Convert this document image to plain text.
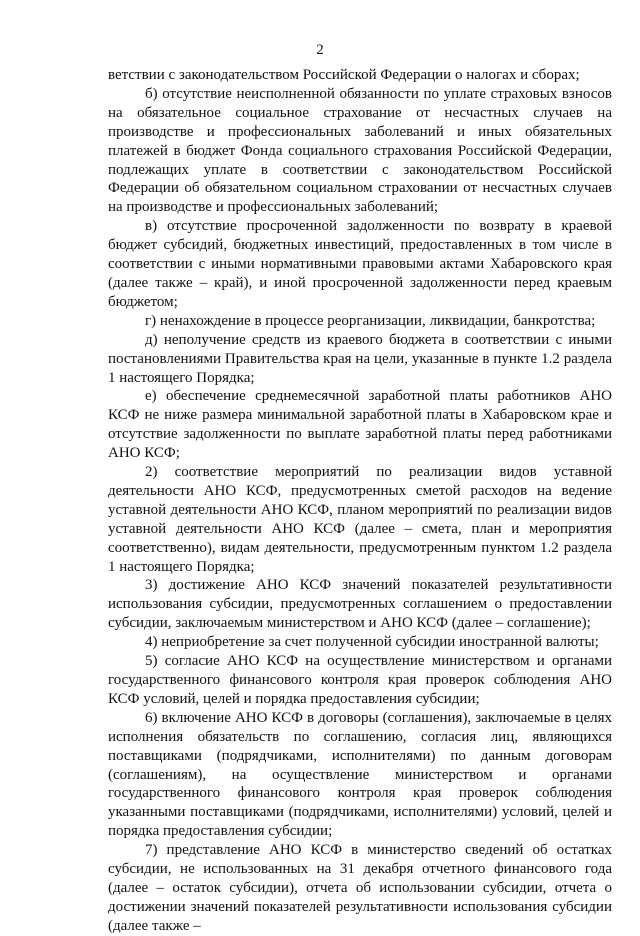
2

ветствии с законодательством Российской Федерации о налогах и сборах;

б) отсутствие неисполненной обязанности по уплате страховых взносов на обязательное социальное страхование от несчастных случаев на производстве и профессиональных заболеваний и иных обязательных платежей в бюджет Фонда социального страхования Российской Федерации, подлежащих уплате в соответствии с законодательством Российской Федерации об обязательном социальном страховании от несчастных случаев на производстве и профессиональных заболеваний;

в) отсутствие просроченной задолженности по возврату в краевой бюджет субсидий, бюджетных инвестиций, предоставленных в том числе в соответствии с иными нормативными правовыми актами Хабаровского края (далее также – край), и иной просроченной задолженности перед краевым бюджетом;

г) ненахождение в процессе реорганизации, ликвидации, банкротства;

д) неполучение средств из краевого бюджета в соответствии с иными постановлениями Правительства края на цели, указанные в пункте 1.2 раздела 1 настоящего Порядка;

е) обеспечение среднемесячной заработной платы работников АНО КСФ не ниже размера минимальной заработной платы в Хабаровском крае и отсутствие задолженности по выплате заработной платы перед работниками АНО КСФ;

2) соответствие мероприятий по реализации видов уставной деятельности АНО КСФ, предусмотренных сметой расходов на ведение уставной деятельности АНО КСФ, планом мероприятий по реализации видов уставной деятельности АНО КСФ (далее – смета, план и мероприятия соответственно), видам деятельности, предусмотренным пунктом 1.2 раздела 1 настоящего Порядка;

3) достижение АНО КСФ значений показателей результативности использования субсидии, предусмотренных соглашением о предоставлении субсидии, заключаемым министерством и АНО КСФ (далее – соглашение);

4) неприобретение за счет полученной субсидии иностранной валюты;

5) согласие АНО КСФ на осуществление министерством и органами государственного финансового контроля края проверок соблюдения АНО КСФ условий, целей и порядка предоставления субсидии;

6) включение АНО КСФ в договоры (соглашения), заключаемые в целях исполнения обязательств по соглашению, согласия лиц, являющихся поставщиками (подрядчиками, исполнителями) по данным договорам (соглашениям), на осуществление министерством и органами государственного финансового контроля края проверок соблюдения указанными поставщиками (подрядчиками, исполнителями) условий, целей и порядка предоставления субсидии;

7) представление АНО КСФ в министерство сведений об остатках субсидии, не использованных на 31 декабря отчетного финансового года (далее – остаток субсидии), отчета об использовании субсидии, отчета о достижении значений показателей результативности использования субсидии (далее также –
